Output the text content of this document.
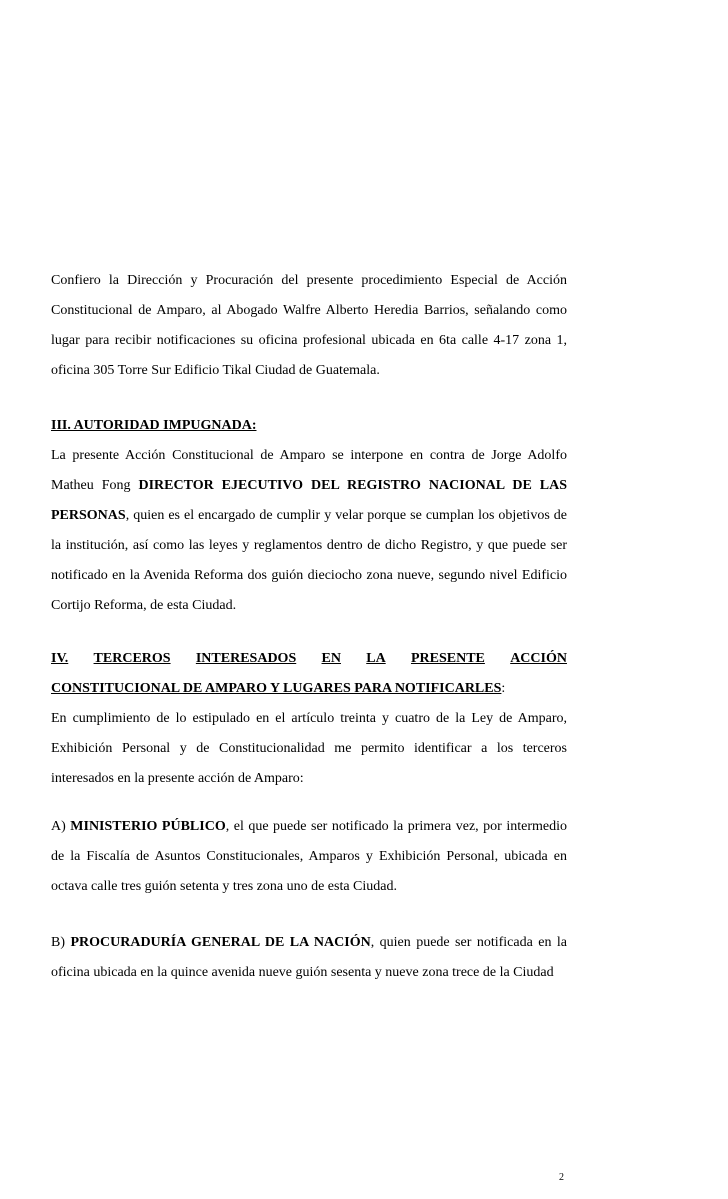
Confiero la Dirección y Procuración del presente procedimiento Especial de Acción Constitucional de Amparo, al Abogado Walfre Alberto Heredia Barrios, señalando como lugar para recibir notificaciones su oficina profesional ubicada en 6ta calle 4-17 zona 1, oficina 305 Torre Sur Edificio Tikal Ciudad de Guatemala.

III. AUTORIDAD IMPUGNADA:

La presente Acción Constitucional de Amparo se interpone en contra de Jorge Adolfo Matheu Fong DIRECTOR EJECUTIVO DEL REGISTRO NACIONAL DE LAS PERSONAS, quien es el encargado de cumplir y velar porque se cumplan los objetivos de la institución, así como las leyes y reglamentos dentro de dicho Registro, y que puede ser notificado en la Avenida Reforma dos guión dieciocho zona nueve, segundo nivel Edificio Cortijo Reforma, de esta Ciudad.

IV. TERCEROS INTERESADOS EN LA PRESENTE ACCIÓN

CONSTITUCIONAL DE AMPARO Y LUGARES PARA NOTIFICARLES:

En cumplimiento de lo estipulado en el artículo treinta y cuatro de la Ley de Amparo, Exhibición Personal y de Constitucionalidad me permito identificar a los terceros interesados en la presente acción de Amparo:

A) MINISTERIO PÚBLICO, el que puede ser notificado la primera vez, por intermedio de la Fiscalía de Asuntos Constitucionales, Amparos y Exhibición Personal, ubicada en octava calle tres guión setenta y tres zona uno de esta Ciudad.

B) PROCURADURÍA GENERAL DE LA NACIÓN, quien puede ser notificada en la oficina ubicada en la quince avenida nueve guión sesenta y nueve zona trece de la Ciudad

2
